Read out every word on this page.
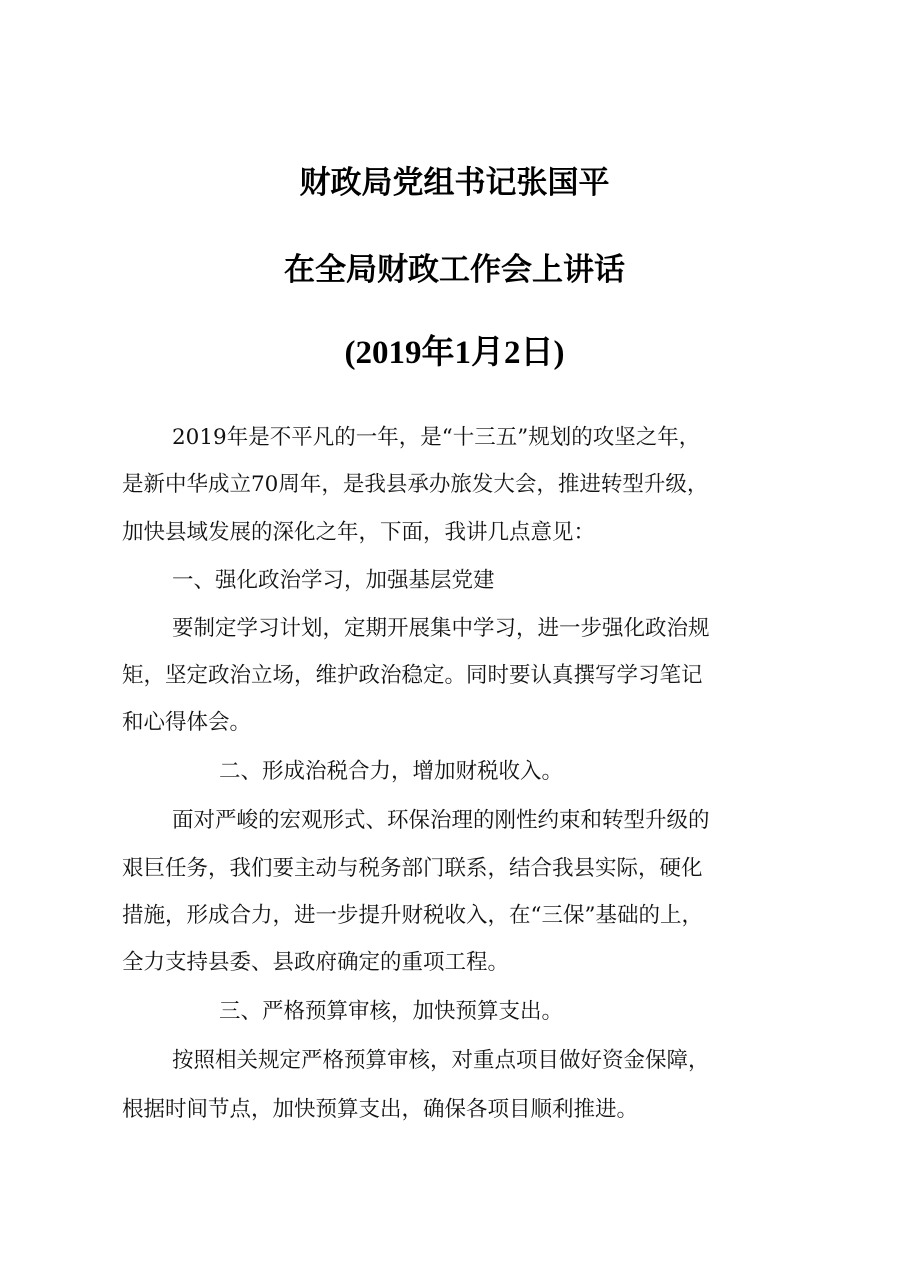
财政局党组书记张国平
在全局财政工作会上讲话
(2019年1月2日)
2019年是不平凡的一年，是“十三五”规划的攻坚之年，
是新中华成立70周年，是我县承办旅发大会，推进转型升级，
加快县域发展的深化之年，下面，我讲几点意见：
一、强化政治学习，加强基层党建
要制定学习计划，定期开展集中学习，进一步强化政治规
矩，坚定政治立场，维护政治稳定。同时要认真撰写学习笔记
和心得体会。
二、形成治税合力，增加财税收入。
面对严峻的宏观形式、环保治理的刚性约束和转型升级的
艰巨任务，我们要主动与税务部门联系，结合我县实际，硬化
措施，形成合力，进一步提升财税收入，在“三保”基础的上，
全力支持县委、县政府确定的重项工程。
三、严格预算审核，加快预算支出。
按照相关规定严格预算审核，对重点项目做好资金保障，
根据时间节点，加快预算支出，确保各项目顺利推进。
